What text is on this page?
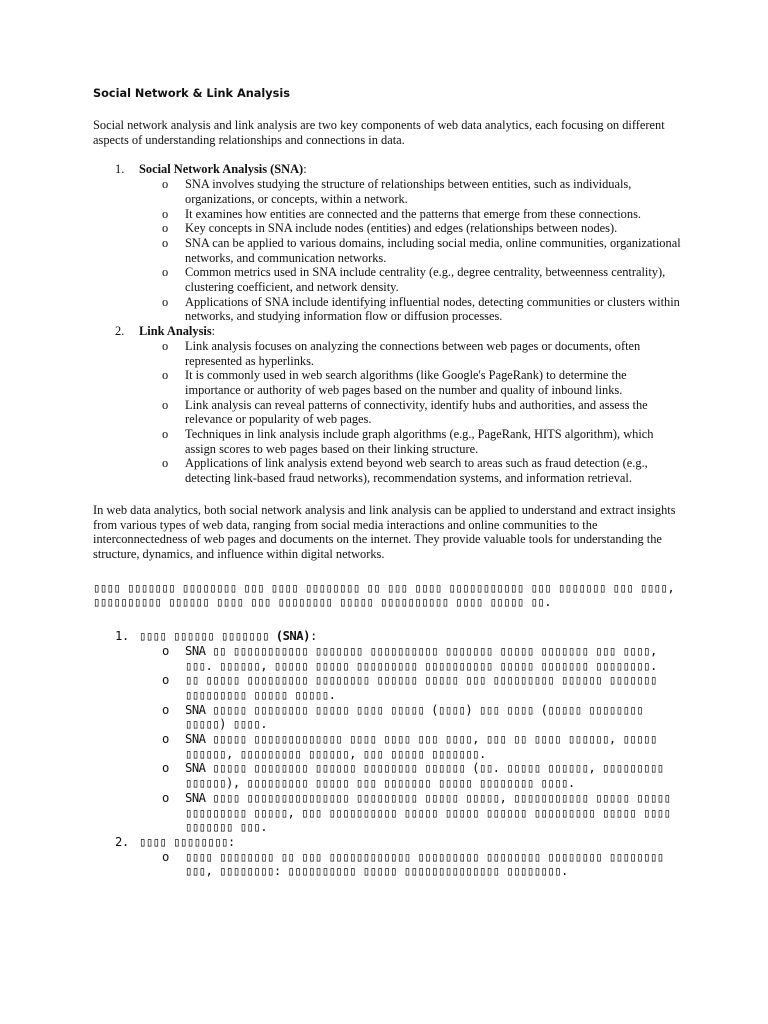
Social Network & Link Analysis

Social network analysis and link analysis are two key components of web data analytics, each focusing on different aspects of understanding relationships and connections in data.

1. Social Network Analysis (SNA):
o SNA involves studying the structure of relationships between entities, such as individuals, organizations, or concepts, within a network.
o It examines how entities are connected and the patterns that emerge from these connections.
o Key concepts in SNA include nodes (entities) and edges (relationships between nodes).
o SNA can be applied to various domains, including social media, online communities, organizational networks, and communication networks.
o Common metrics used in SNA include centrality (e.g., degree centrality, betweenness centrality), clustering coefficient, and network density.
o Applications of SNA include identifying influential nodes, detecting communities or clusters within networks, and studying information flow or diffusion processes.
2. Link Analysis:
o Link analysis focuses on analyzing the connections between web pages or documents, often represented as hyperlinks.
o It is commonly used in web search algorithms (like Google's PageRank) to determine the importance or authority of web pages based on the number and quality of inbound links.
o Link analysis can reveal patterns of connectivity, identify hubs and authorities, and assess the relevance or popularity of web pages.
o Techniques in link analysis include graph algorithms (e.g., PageRank, HITS algorithm), which assign scores to web pages based on their linking structure.
o Applications of link analysis extend beyond web search to areas such as fraud detection (e.g., detecting link-based fraud networks), recommendation systems, and information retrieval.

In web data analytics, both social network analysis and link analysis can be applied to understand and extract insights from various types of web data, ranging from social media interactions and online communities to the interconnectedness of web pages and documents on the internet. They provide valuable tools for understanding the structure, dynamics, and influence within digital networks.

▯▯▯▯ ▯▯▯▯▯▯▯ ▯▯▯▯▯▯▯▯ ▯▯▯ ▯▯▯▯ ▯▯▯▯▯▯▯▯ ▯▯ ▯▯▯ ▯▯▯▯ ▯▯▯▯▯▯▯▯▯▯▯ ▯▯▯ ▯▯▯▯▯▯▯ ▯▯▯ ▯▯▯▯, ▯▯▯▯▯▯▯▯▯▯ ▯▯▯▯▯▯ ▯▯▯▯ ▯▯▯ ▯▯▯▯▯▯▯▯ ▯▯▯▯▯ ▯▯▯▯▯▯▯▯▯▯ ▯▯▯▯ ▯▯▯▯▯ ▯▯.

1. ▯▯▯▯ ▯▯▯▯▯▯ ▯▯▯▯▯▯▯ (SNA):
o SNA ▯▯ ▯▯▯▯▯▯▯▯▯▯▯ ▯▯▯▯▯▯▯ ▯▯▯▯▯▯▯▯▯▯ ▯▯▯▯▯▯▯ ▯▯▯▯▯ ▯▯▯▯▯▯▯ ▯▯▯ ▯▯▯▯, ▯▯▯. ▯▯▯▯▯▯, ▯▯▯▯▯ ▯▯▯▯▯ ▯▯▯▯▯▯▯▯▯ ▯▯▯▯▯▯▯▯▯▯ ▯▯▯▯▯ ▯▯▯▯▯▯▯ ▯▯▯▯▯▯▯▯.
o ▯▯ ▯▯▯▯▯ ▯▯▯▯▯▯▯▯▯ ▯▯▯▯▯▯▯▯ ▯▯▯▯▯▯ ▯▯▯▯▯ ▯▯▯ ▯▯▯▯▯▯▯▯▯ ▯▯▯▯▯▯ ▯▯▯▯▯▯▯ ▯▯▯▯▯▯▯▯▯ ▯▯▯▯▯ ▯▯▯▯▯.
o SNA ▯▯▯▯▯ ▯▯▯▯▯▯▯▯ ▯▯▯▯▯ ▯▯▯▯ ▯▯▯▯▯ (▯▯▯▯) ▯▯▯ ▯▯▯▯ (▯▯▯▯▯ ▯▯▯▯▯▯▯▯ ▯▯▯▯▯) ▯▯▯▯.
o SNA ▯▯▯▯▯ ▯▯▯▯▯▯▯▯▯▯▯▯▯ ▯▯▯▯ ▯▯▯▯ ▯▯▯ ▯▯▯▯, ▯▯▯ ▯▯ ▯▯▯▯ ▯▯▯▯▯▯, ▯▯▯▯▯ ▯▯▯▯▯▯, ▯▯▯▯▯▯▯▯▯ ▯▯▯▯▯▯, ▯▯▯ ▯▯▯▯▯ ▯▯▯▯▯▯▯.
o SNA ▯▯▯▯▯ ▯▯▯▯▯▯▯▯ ▯▯▯▯▯▯ ▯▯▯▯▯▯▯▯ ▯▯▯▯▯▯ (▯▯. ▯▯▯▯▯ ▯▯▯▯▯▯, ▯▯▯▯▯▯▯▯▯ ▯▯▯▯▯▯), ▯▯▯▯▯▯▯▯▯ ▯▯▯▯▯ ▯▯▯ ▯▯▯▯▯▯▯ ▯▯▯▯▯ ▯▯▯▯▯▯▯▯ ▯▯▯▯.
o SNA ▯▯▯▯ ▯▯▯▯▯▯▯▯▯▯▯▯▯▯▯ ▯▯▯▯▯▯▯▯▯ ▯▯▯▯▯ ▯▯▯▯▯, ▯▯▯▯▯▯▯▯▯▯▯ ▯▯▯▯▯ ▯▯▯▯▯ ▯▯▯▯▯▯▯▯▯ ▯▯▯▯▯, ▯▯▯ ▯▯▯▯▯▯▯▯▯▯ ▯▯▯▯▯ ▯▯▯▯▯ ▯▯▯▯▯▯ ▯▯▯▯▯▯▯▯▯ ▯▯▯▯▯ ▯▯▯▯ ▯▯▯▯▯▯▯ ▯▯▯.
2. ▯▯▯▯ ▯▯▯▯▯▯▯▯:
o ▯▯▯▯ ▯▯▯▯▯▯▯▯ ▯▯ ▯▯▯ ▯▯▯▯▯▯▯▯▯▯▯▯ ▯▯▯▯▯▯▯▯▯ ▯▯▯▯▯▯▯▯ ▯▯▯▯▯▯▯▯ ▯▯▯▯▯▯▯▯ ▯▯▯, ▯▯▯▯▯▯▯▯: ▯▯▯▯▯▯▯▯▯▯ ▯▯▯▯▯ ▯▯▯▯▯▯▯▯▯▯▯▯▯▯ ▯▯▯▯▯▯▯▯.
